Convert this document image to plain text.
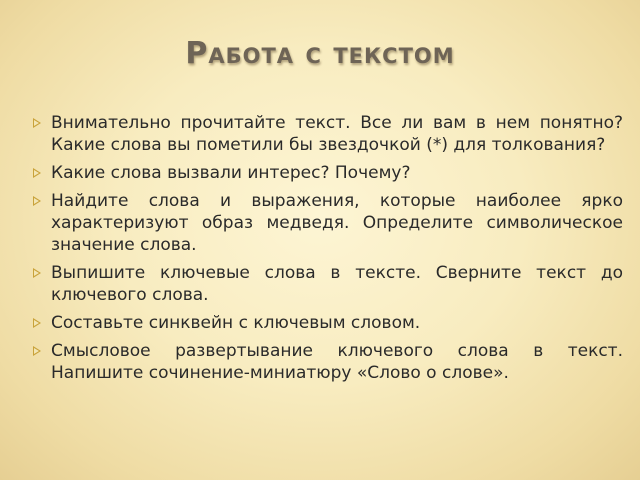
Работа с текстом
Внимательно прочитайте текст. Все ли вам в нем понятно? Какие слова вы пометили бы звездочкой (*) для толкования?
Какие слова вызвали интерес? Почему?
Найдите слова и выражения, которые наиболее ярко характеризуют образ медведя. Определите символическое значение слова.
Выпишите ключевые слова в тексте. Сверните текст до ключевого слова.
Составьте синквейн с ключевым словом.
Смысловое развертывание ключевого слова в текст. Напишите сочинение-миниатюру «Слово о слове».
